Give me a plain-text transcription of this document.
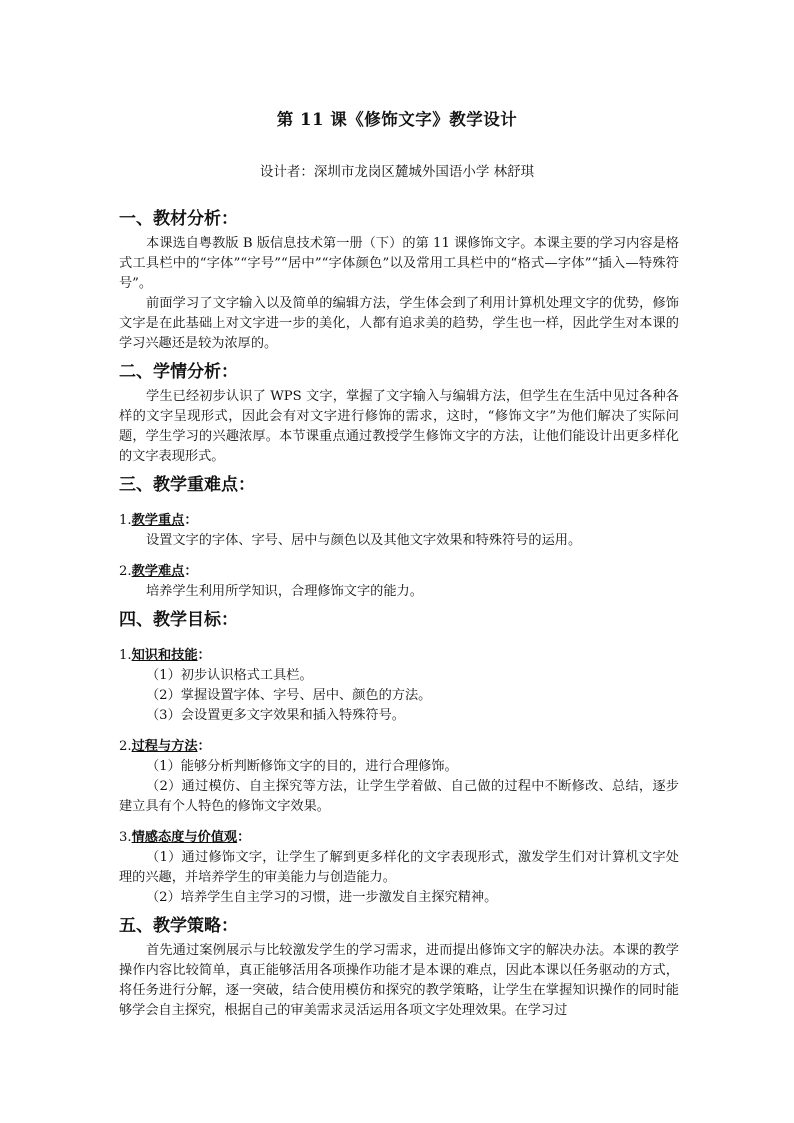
第 11 课《修饰文字》教学设计
设计者：深圳市龙岗区麓城外国语小学 林舒琪
一、教材分析：
本课选自粤教版 B 版信息技术第一册（下）的第 11 课修饰文字。本课主要的学习内容是格式工具栏中的“字体”“字号”“居中”“字体颜色”以及常用工具栏中的“格式—字体”“插入—特殊符号”。
前面学习了文字输入以及简单的编辑方法，学生体会到了利用计算机处理文字的优势，修饰文字是在此基础上对文字进一步的美化，人都有追求美的趋势，学生也一样，因此学生对本课的学习兴趣还是较为浓厚的。
二、学情分析：
学生已经初步认识了 WPS 文字，掌握了文字输入与编辑方法，但学生在生活中见过各种各样的文字呈现形式，因此会有对文字进行修饰的需求，这时，“修饰文字”为他们解决了实际问题，学生学习的兴趣浓厚。本节课重点通过教授学生修饰文字的方法，让他们能设计出更多样化的文字表现形式。
三、教学重难点：
1.教学重点：
设置文字的字体、字号、居中与颜色以及其他文字效果和特殊符号的运用。
2.教学难点：
培养学生利用所学知识，合理修饰文字的能力。
四、教学目标：
1.知识和技能：
（1）初步认识格式工具栏。
（2）掌握设置字体、字号、居中、颜色的方法。
（3）会设置更多文字效果和插入特殊符号。
2.过程与方法：
（1）能够分析判断修饰文字的目的，进行合理修饰。
（2）通过模仿、自主探究等方法，让学生学着做、自己做的过程中不断修改、总结，逐步建立具有个人特色的修饰文字效果。
3.情感态度与价值观：
（1）通过修饰文字，让学生了解到更多样化的文字表现形式，激发学生们对计算机文字处理的兴趣，并培养学生的审美能力与创造能力。
（2）培养学生自主学习的习惯，进一步激发自主探究精神。
五、教学策略：
首先通过案例展示与比较激发学生的学习需求，进而提出修饰文字的解决办法。本课的教学操作内容比较简单，真正能够活用各项操作功能才是本课的难点，因此本课以任务驱动的方式，将任务进行分解，逐一突破，结合使用模仿和探究的教学策略，让学生在掌握知识操作的同时能够学会自主探究，根据自己的审美需求灵活运用各项文字处理效果。在学习过
